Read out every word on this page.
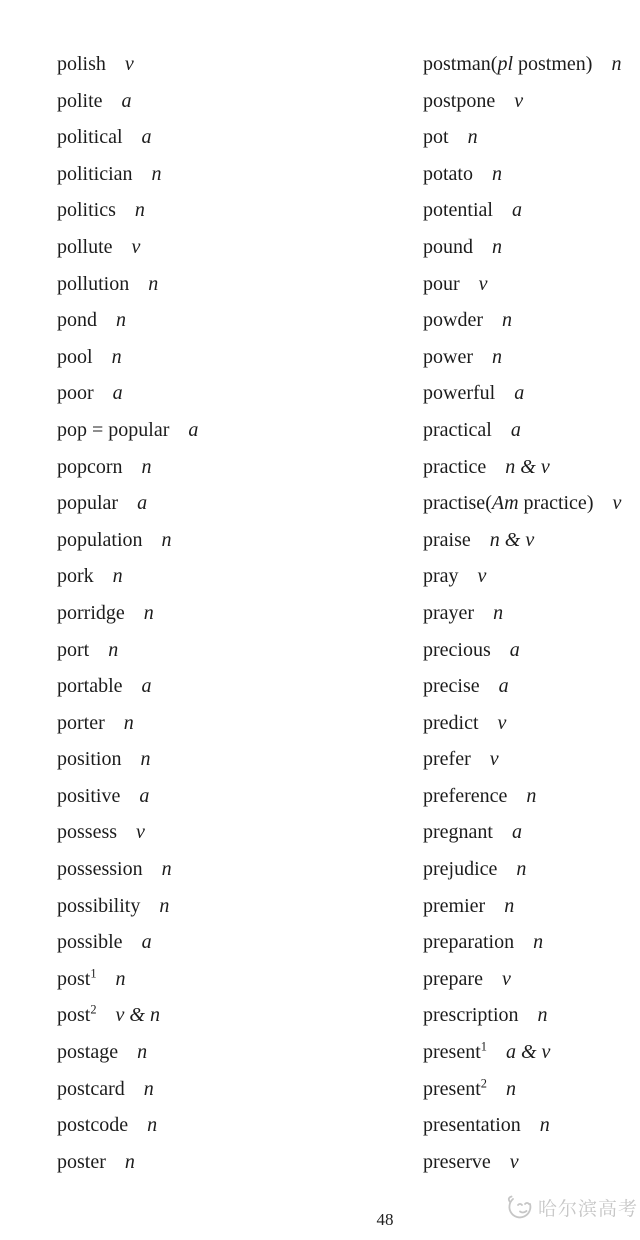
polish v
polite a
political a
politician n
politics n
pollute v
pollution n
pond n
pool n
poor a
pop = popular a
popcorn n
popular a
population n
pork n
porridge n
port n
portable a
porter n
position n
positive a
possess v
possession n
possibility n
possible a
post$^1$ n
post$^2$ v & n
postage n
postcard n
postcode n
poster n
postman(pl postmen) n
postpone v
pot n
potato n
potential a
pound n
pour v
powder n
power n
powerful a
practical a
practice n & v
practise(Am practice) v
praise n & v
pray v
prayer n
precious a
precise a
predict v
prefer v
preference n
pregnant a
prejudice n
premier n
preparation n
prepare v
prescription n
present$^1$ a & v
present$^2$ n
presentation n
preserve v
48	哈尔滨高考
